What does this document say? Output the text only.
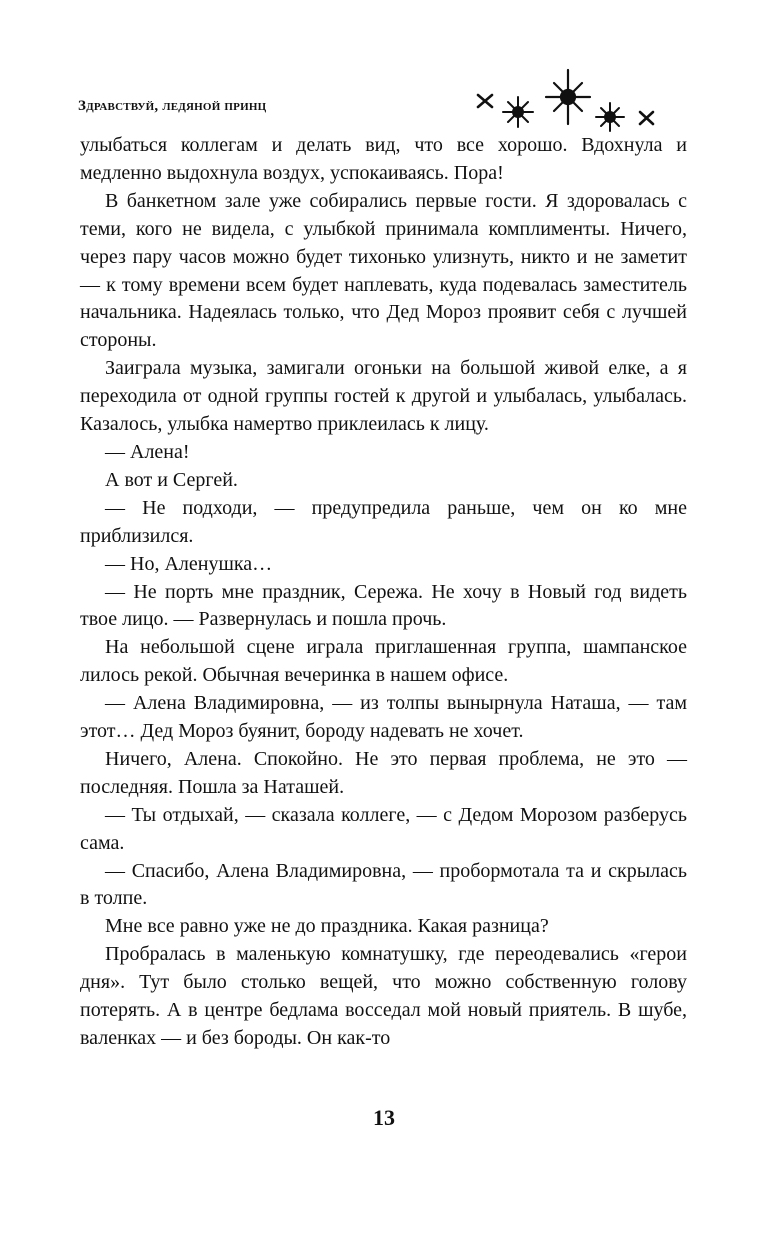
Здравствуй, ледяной принц

улыбаться коллегам и делать вид, что все хорошо. Вдохнула и медленно выдохнула воздух, успокаиваясь. Пора!

В банкетном зале уже собирались первые гости. Я здоровалась с теми, кого не видела, с улыбкой принимала комплименты. Ничего, через пару часов можно будет тихонько улизнуть, никто и не заметит — к тому времени всем будет наплевать, куда подевалась заместитель начальника. Надеялась только, что Дед Мороз проявит себя с лучшей стороны.

Заиграла музыка, замигали огоньки на большой живой елке, а я переходила от одной группы гостей к другой и улыбалась, улыбалась. Казалось, улыбка намертво приклеилась к лицу.

— Алена!

А вот и Сергей.

— Не подходи, — предупредила раньше, чем он ко мне приблизился.

— Но, Аленушка…

— Не порть мне праздник, Сережа. Не хочу в Новый год видеть твое лицо. — Развернулась и пошла прочь.

На небольшой сцене играла приглашенная группа, шампанское лилось рекой. Обычная вечеринка в нашем офисе.

— Алена Владимировна, — из толпы вынырнула Наташа, — там этот… Дед Мороз буянит, бороду надевать не хочет.

Ничего, Алена. Спокойно. Не это первая проблема, не это — последняя. Пошла за Наташей.

— Ты отдыхай, — сказала коллеге, — с Дедом Морозом разберусь сама.

— Спасибо, Алена Владимировна, — пробормотала та и скрылась в толпе.

Мне все равно уже не до праздника. Какая разница?

Пробралась в маленькую комнатушку, где переодевались «герои дня». Тут было столько вещей, что можно собственную голову потерять. А в центре бедлама восседал мой новый приятель. В шубе, валенках — и без бороды. Он как-то

13
